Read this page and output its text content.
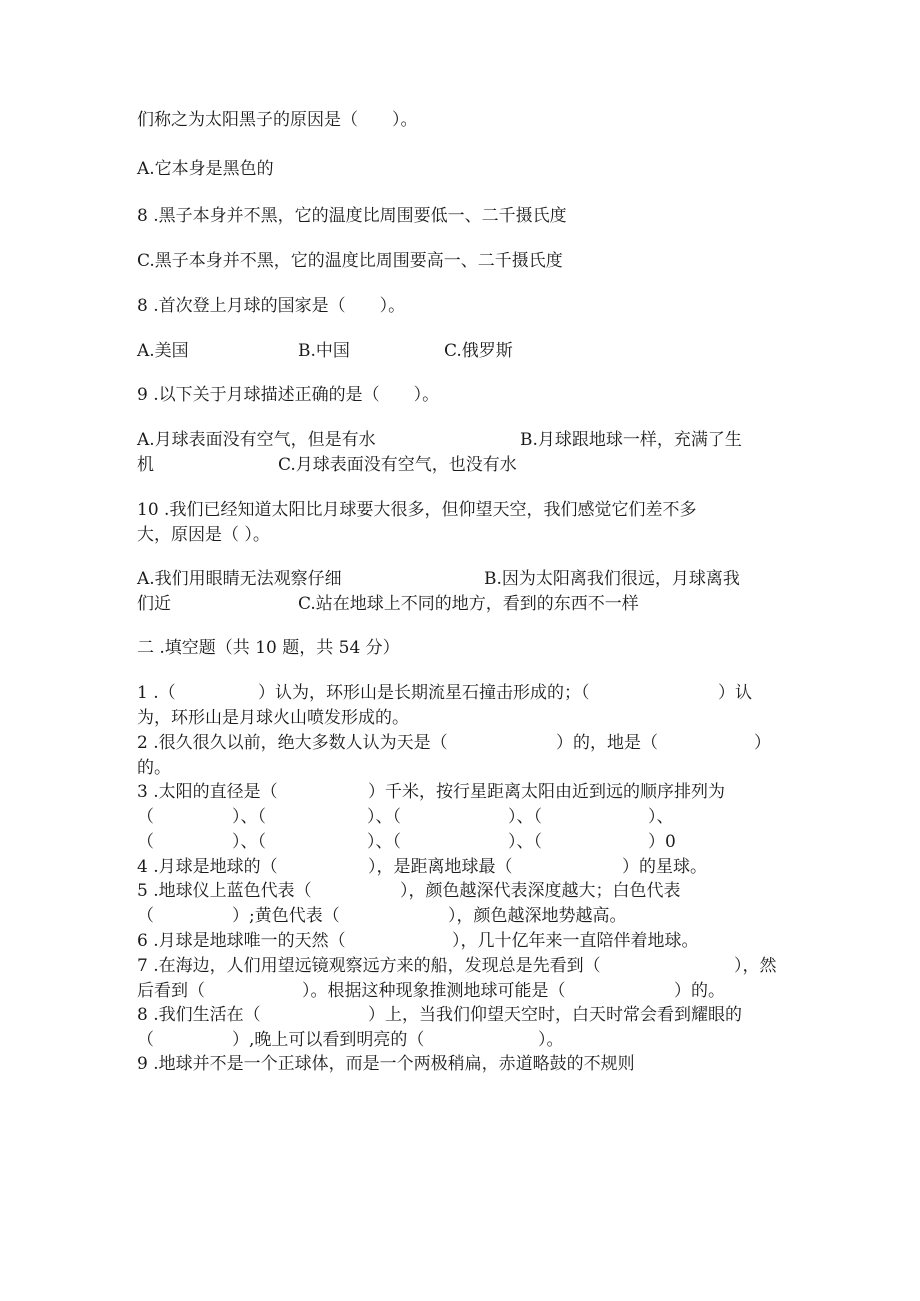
们称之为太阳黑子的原因是（　　）。
A.它本身是黑色的
8 .黑子本身并不黑，它的温度比周围要低一、二千摄氏度
C.黑子本身并不黑，它的温度比周围要高一、二千摄氏度
8 .首次登上月球的国家是（　　）。
A.美国	B.中国	C.俄罗斯
9 .以下关于月球描述正确的是（　　）。
A.月球表面没有空气，但是有水	B.月球跟地球一样，充满了生
机	C.月球表面没有空气，也没有水
10 .我们已经知道太阳比月球要大很多，但仰望天空，我们感觉它们差不多
大，原因是（ ）。
A.我们用眼睛无法观察仔细	B.因为太阳离我们很远，月球离我
们近	C.站在地球上不同的地方，看到的东西不一样
二 .填空题（共 10 题，共 54 分）
1 .（	）认为，环形山是长期流星石撞击形成的；（	）认
为，环形山是月球火山喷发形成的。
2 .很久很久以前，绝大多数人认为天是（	）的，地是（	）
的。
3 .太阳的直径是（	）千米，按行星距离太阳由近到远的顺序排列为
（	）、（	）、（	）、（	）、
（	）、（	）、（	）、（	）0
4 .月球是地球的（	），是距离地球最（	）的星球。
5 .地球仪上蓝色代表（	），颜色越深代表深度越大；白色代表
（	）;黄色代表（	），颜色越深地势越高。
6 .月球是地球唯一的天然（	），几十亿年来一直陪伴着地球。
7 .在海边，人们用望远镜观察远方来的船，发现总是先看到（	），然
后看到（	）。根据这种现象推测地球可能是（	）的。
8 .我们生活在（	）上，当我们仰望天空时，白天时常会看到耀眼的
（	）,晚上可以看到明亮的（	）。
9 .地球并不是一个正球体，而是一个两极稍扁，赤道略鼓的不规则
